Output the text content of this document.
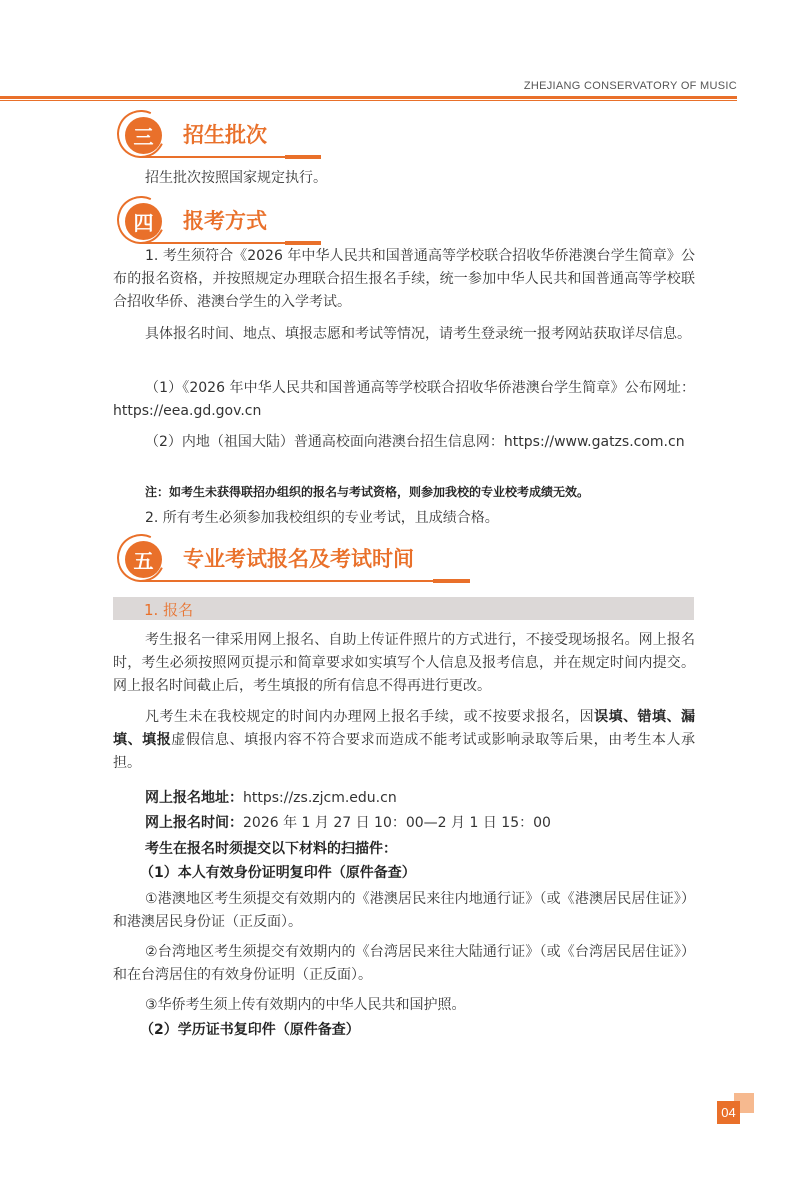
ZHEJIANG CONSERVATORY OF MUSIC
三	招生批次
招生批次按照国家规定执行。
四	报考方式
1. 考生须符合《2026 年中华人民共和国普通高等学校联合招收华侨港澳台学生简章》公布的报名资格，并按照规定办理联合招生报名手续，统一参加中华人民共和国普通高等学校联合招收华侨、港澳台学生的入学考试。
具体报名时间、地点、填报志愿和考试等情况，请考生登录统一报考网站获取详尽信息。
（1）《2026 年中华人民共和国普通高等学校联合招收华侨港澳台学生简章》公布网址：https://eea.gd.gov.cn
（2）内地（祖国大陆）普通高校面向港澳台招生信息网：https://www.gatzs.com.cn
注：如考生未获得联招办组织的报名与考试资格，则参加我校的专业校考成绩无效。
2. 所有考生必须参加我校组织的专业考试，且成绩合格。
五	专业考试报名及考试时间
1. 报名
考生报名一律采用网上报名、自助上传证件照片的方式进行，不接受现场报名。网上报名时，考生必须按照网页提示和简章要求如实填写个人信息及报考信息，并在规定时间内提交。网上报名时间截止后，考生填报的所有信息不得再进行更改。
凡考生未在我校规定的时间内办理网上报名手续，或不按要求报名，因误填、错填、漏填、填报虚假信息、填报内容不符合要求而造成不能考试或影响录取等后果，由考生本人承担。
网上报名地址：https://zs.zjcm.edu.cn
网上报名时间：2026 年 1 月 27 日 10：00—2 月 1 日 15：00
考生在报名时须提交以下材料的扫描件：
（1）本人有效身份证明复印件（原件备查）
①港澳地区考生须提交有效期内的《港澳居民来往内地通行证》（或《港澳居民居住证》）和港澳居民身份证（正反面）。
②台湾地区考生须提交有效期内的《台湾居民来往大陆通行证》（或《台湾居民居住证》）和在台湾居住的有效身份证明（正反面）。
③华侨考生须上传有效期内的中华人民共和国护照。
（2）学历证书复印件（原件备查）
04
